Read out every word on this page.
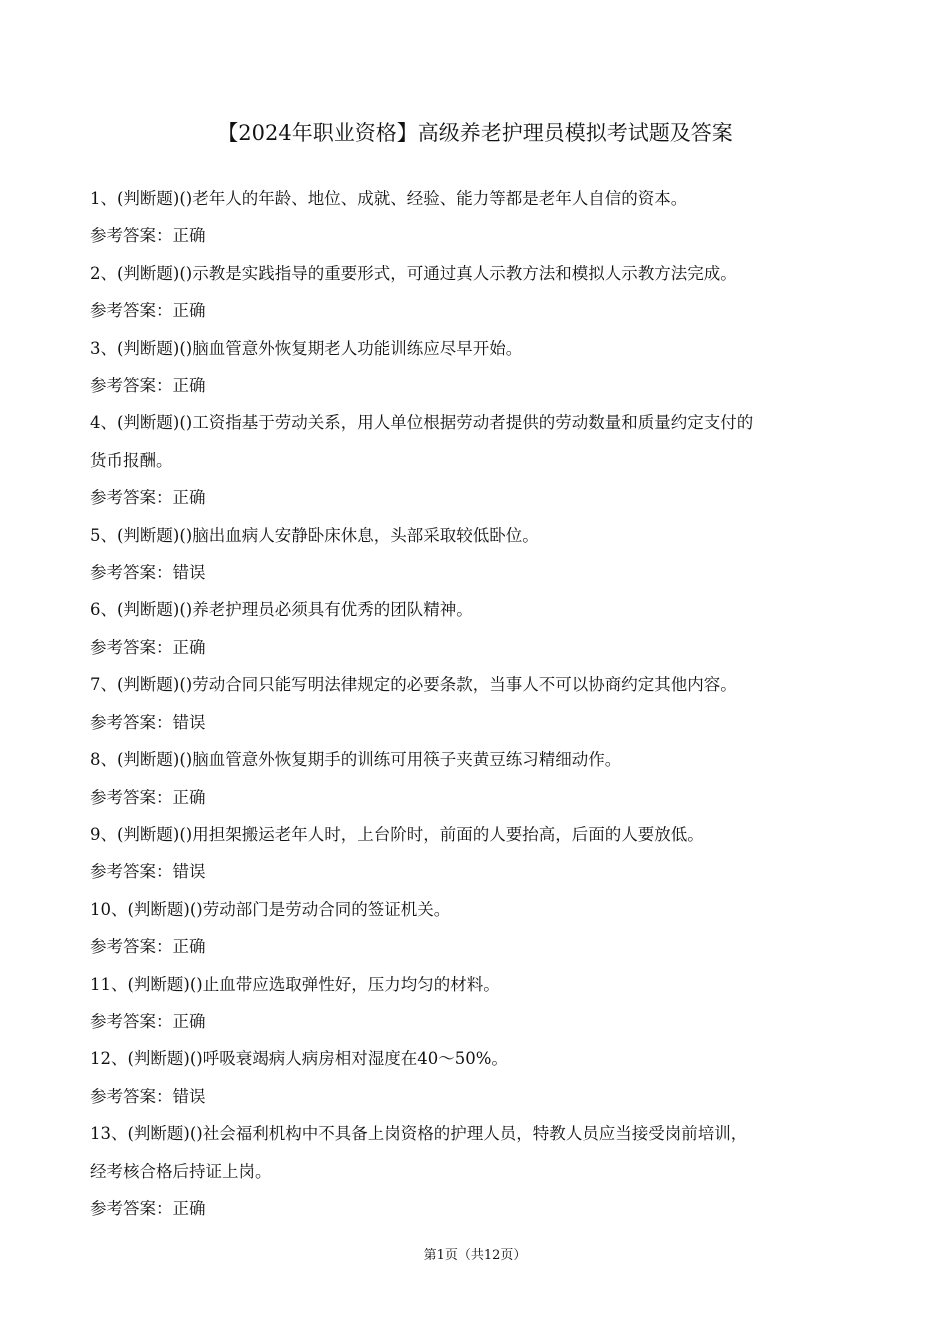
【2024年职业资格】高级养老护理员模拟考试题及答案
1、(判断题)()老年人的年龄、地位、成就、经验、能力等都是老年人自信的资本。
参考答案：正确
2、(判断题)()示教是实践指导的重要形式，可通过真人示教方法和模拟人示教方法完成。
参考答案：正确
3、(判断题)()脑血管意外恢复期老人功能训练应尽早开始。
参考答案：正确
4、(判断题)()工资指基于劳动关系，用人单位根据劳动者提供的劳动数量和质量约定支付的
货币报酬。
参考答案：正确
5、(判断题)()脑出血病人安静卧床休息，头部采取较低卧位。
参考答案：错误
6、(判断题)()养老护理员必须具有优秀的团队精神。
参考答案：正确
7、(判断题)()劳动合同只能写明法律规定的必要条款，当事人不可以协商约定其他内容。
参考答案：错误
8、(判断题)()脑血管意外恢复期手的训练可用筷子夹黄豆练习精细动作。
参考答案：正确
9、(判断题)()用担架搬运老年人时，上台阶时，前面的人要抬高，后面的人要放低。
参考答案：错误
10、(判断题)()劳动部门是劳动合同的签证机关。
参考答案：正确
11、(判断题)()止血带应选取弹性好，压力均匀的材料。
参考答案：正确
12、(判断题)()呼吸衰竭病人病房相对湿度在40～50%。
参考答案：错误
13、(判断题)()社会福利机构中不具备上岗资格的护理人员，特教人员应当接受岗前培训，
经考核合格后持证上岗。
参考答案：正确
第1页（共12页）
